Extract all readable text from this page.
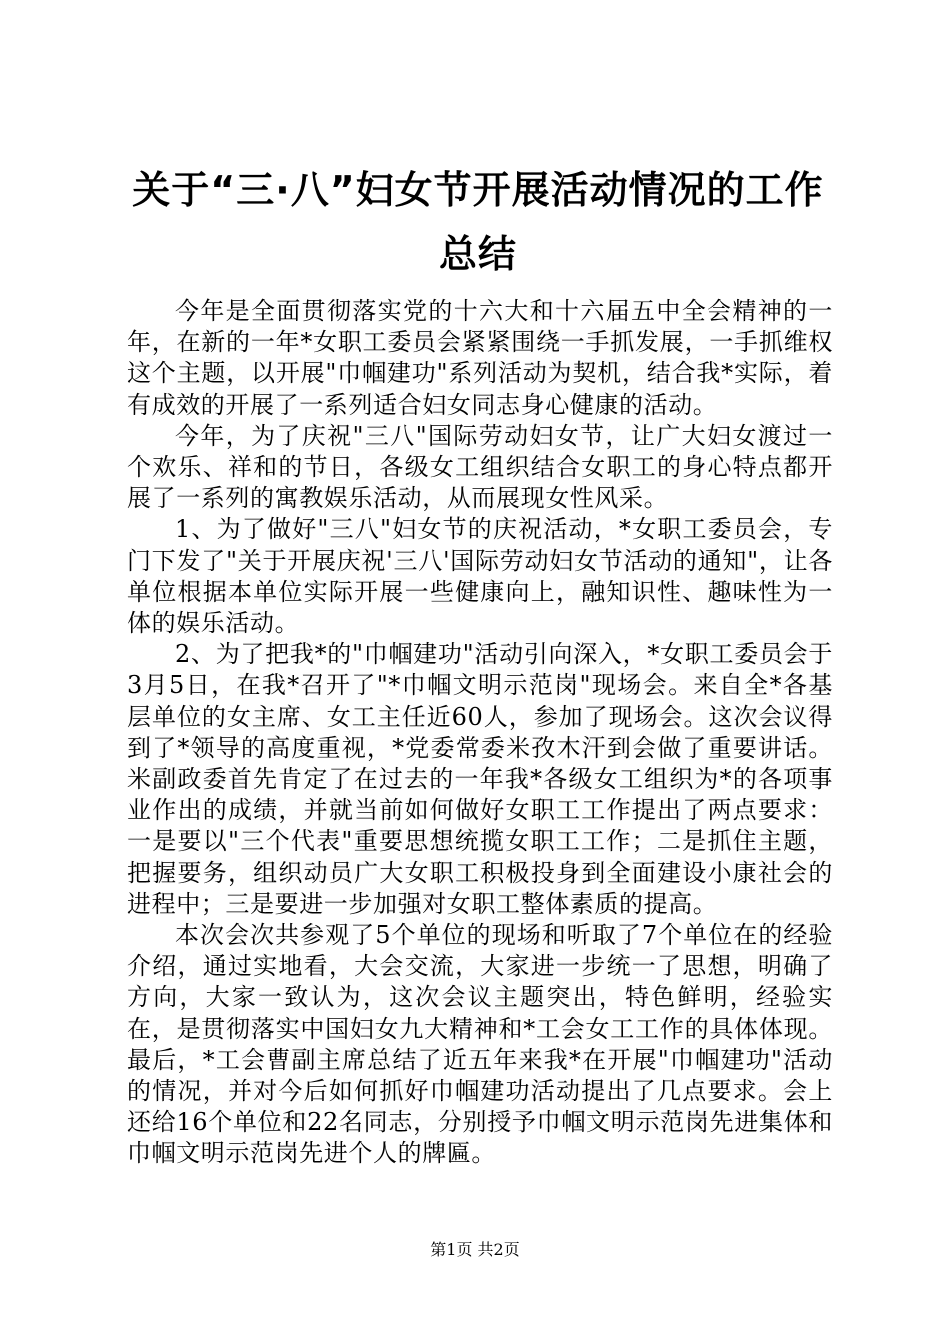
关于“三·八”妇女节开展活动情况的工作总结

今年是全面贯彻落实党的十六大和十六届五中全会精神的一年，在新的一年*女职工委员会紧紧围绕一手抓发展，一手抓维权这个主题，以开展"巾帼建功"系列活动为契机，结合我*实际，着有成效的开展了一系列适合妇女同志身心健康的活动。

今年，为了庆祝"三八"国际劳动妇女节，让广大妇女渡过一个欢乐、祥和的节日，各级女工组织结合女职工的身心特点都开展了一系列的寓教娱乐活动，从而展现女性风采。

1、为了做好"三八"妇女节的庆祝活动，*女职工委员会，专门下发了"关于开展庆祝'三八'国际劳动妇女节活动的通知"，让各单位根据本单位实际开展一些健康向上，融知识性、趣味性为一体的娱乐活动。

2、为了把我*的"巾帼建功"活动引向深入，*女职工委员会于3月5日，在我*召开了"*巾帼文明示范岗"现场会。来自全*各基层单位的女主席、女工主任近60人，参加了现场会。这次会议得到了*领导的高度重视，*党委常委米孜木汗到会做了重要讲话。米副政委首先肯定了在过去的一年我*各级女工组织为*的各项事业作出的成绩，并就当前如何做好女职工工作提出了两点要求：一是要以"三个代表"重要思想统揽女职工工作；二是抓住主题，把握要务，组织动员广大女职工积极投身到全面建设小康社会的进程中；三是要进一步加强对女职工整体素质的提高。

本次会次共参观了5个单位的现场和听取了7个单位在的经验介绍，通过实地看，大会交流，大家进一步统一了思想，明确了方向，大家一致认为，这次会议主题突出，特色鲜明，经验实在，是贯彻落实中国妇女九大精神和*工会女工工作的具体体现。最后，*工会曹副主席总结了近五年来我*在开展"巾帼建功"活动的情况，并对今后如何抓好巾帼建功活动提出了几点要求。会上还给16个单位和22名同志，分别授予巾帼文明示范岗先进集体和巾帼文明示范岗先进个人的牌匾。

第1页 共2页
